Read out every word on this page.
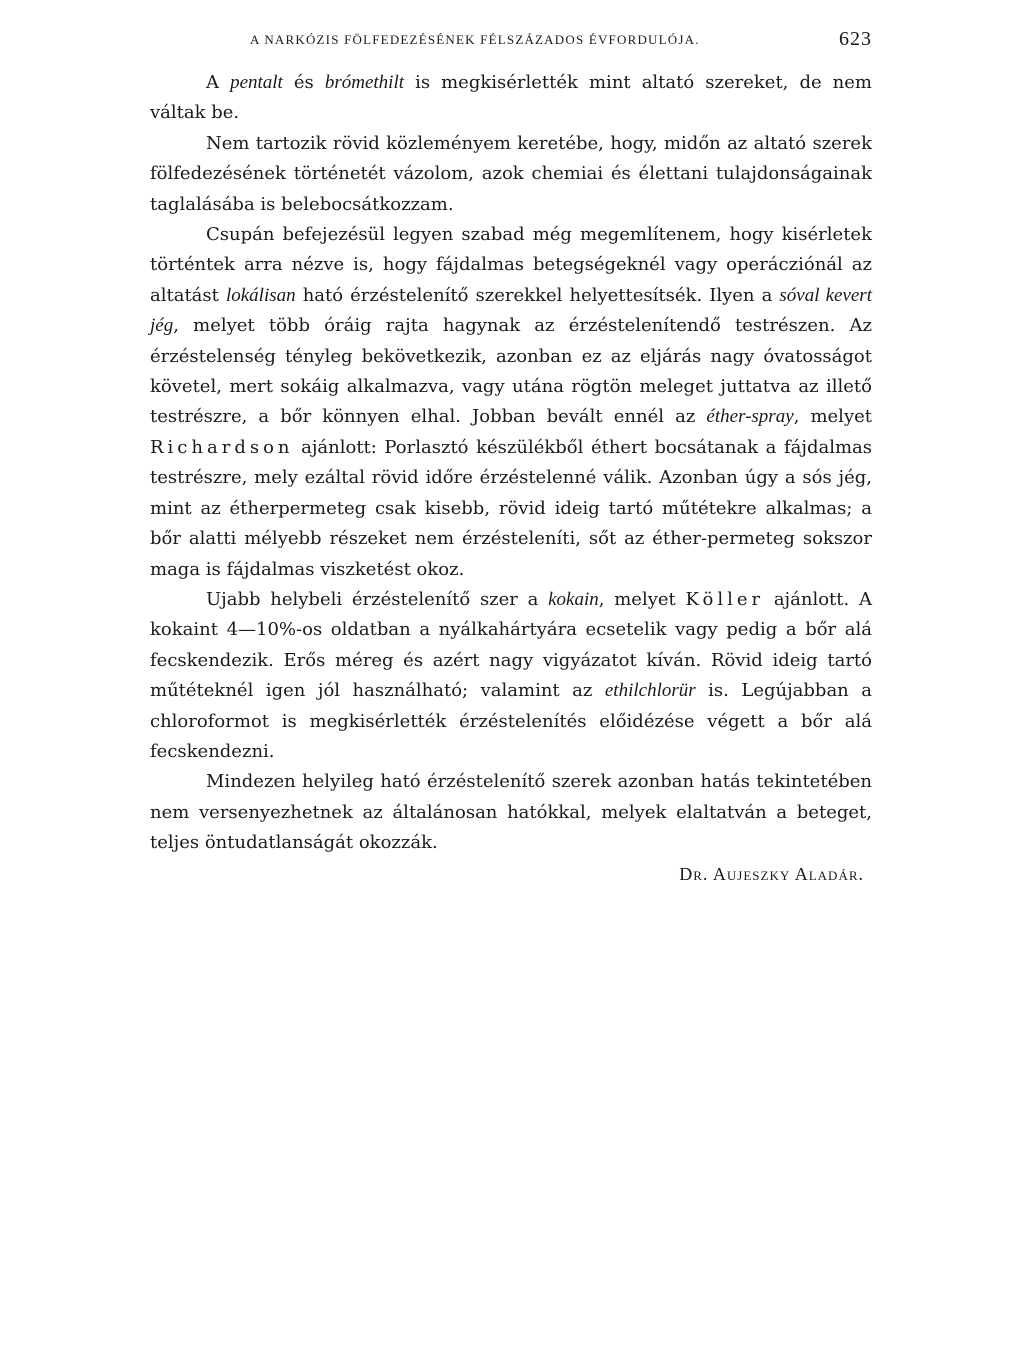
A NARKÓZIS FÖLFEDEZÉSÉNEK FÉLSZÁZADOS ÉVFORDULÓJA.	623

A pentalt és brómethilt is megkisérlették mint altató szereket, de nem váltak be.

Nem tartozik rövid közleményem keretébe, hogy, midőn az altató szerek fölfedezésének történetét vázolom, azok chemiai és élettani tulajdonságainak taglalásába is belebocsátkozzam.

Csupán befejezésül legyen szabad még megemlítenem, hogy kisérletek történtek arra nézve is, hogy fájdalmas betegségeknél vagy operácziónál az altatást lokálisan ható érzéstelenítő szerekkel helyettesítsék. Ilyen a sóval kevert jég, melyet több óráig rajta hagynak az érzéstelenítendő testrészen. Az érzéstelenség tényleg bekövetkezik, azonban ez az eljárás nagy óvatosságot követel, mert sokáig alkalmazva, vagy utána rögtön meleget juttatva az illető testrészre, a bőr könnyen elhal. Jobban bevált ennél az éther-spray, melyet Richardson ajánlott: Porlasztó készülékből éthert bocsátanak a fájdalmas testrészre, mely ezáltal rövid időre érzéstelenné válik. Azonban úgy a sós jég, mint az étherpermeteg csak kisebb, rövid ideig tartó műtétekre alkalmas; a bőr alatti mélyebb részeket nem érzésteleníti, sőt az éther-permeteg sokszor maga is fájdalmas viszketést okoz.

Ujabb helybeli érzéstelenítő szer a kokain, melyet Köller ajánlott. A kokaint 4—10%-os oldatban a nyálkahártyára ecsetelik vagy pedig a bőr alá fecskendezik. Erős méreg és azért nagy vigyázatot kíván. Rövid ideig tartó műtéteknél igen jól használható; valamint az ethilchlorür is. Legújabban a chloroformot is megkisérlették érzéstelenítés előidézése végett a bőr alá fecskendezni.

Mindezen helyileg ható érzéstelenítő szerek azonban hatás tekintetében nem versenyezhetnek az általánosan hatókkal, melyek elaltatván a beteget, teljes öntudatlanságát okozzák.

Dr. Aujeszky Aladár.
